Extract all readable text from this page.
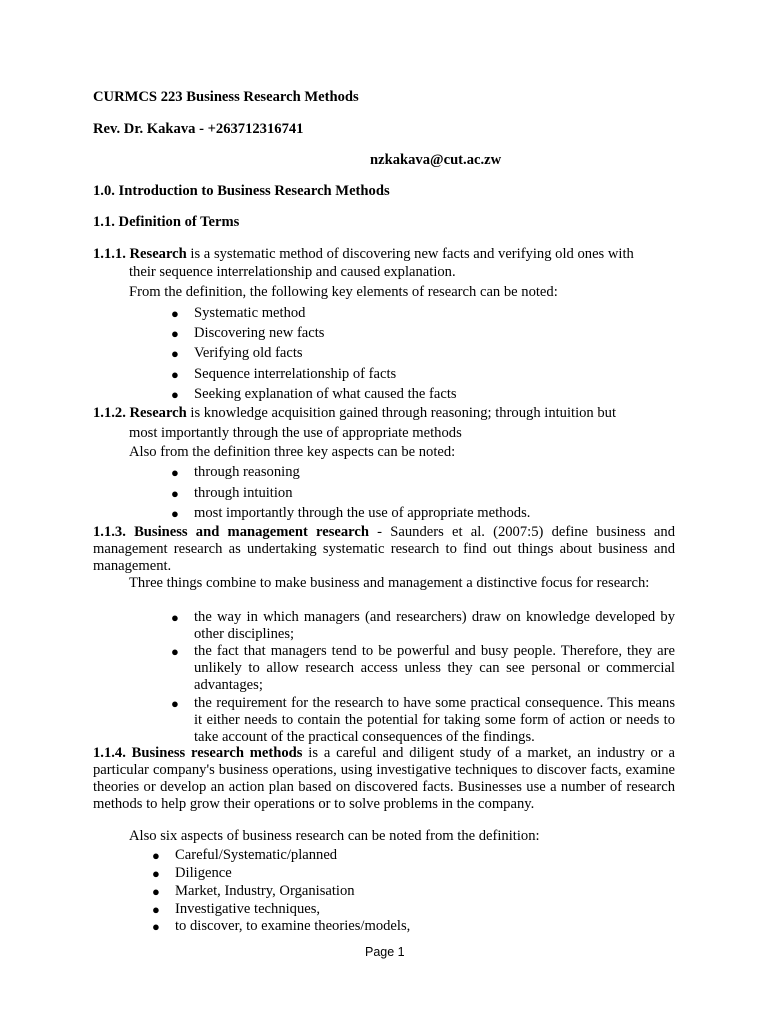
CURMCS 223 Business Research Methods
Rev. Dr. Kakava - +263712316741
nzkakava@cut.ac.zw
1.0. Introduction to Business Research Methods
1.1. Definition of Terms
1.1.1. Research is a systematic method of discovering new facts and verifying old ones with
their sequence interrelationship and caused explanation.
From the definition, the following key elements of research can be noted:
● Systematic method
● Discovering new facts
● Verifying old facts
● Sequence interrelationship of facts
● Seeking explanation of what caused the facts
1.1.2. Research is knowledge acquisition gained through reasoning; through intuition but
most importantly through the use of appropriate methods
Also from the definition three key aspects can be noted:
● through reasoning
● through intuition
● most importantly through the use of appropriate methods.
1.1.3. Business and management research - Saunders et al. (2007:5) define business and management research as undertaking systematic research to find out things about business and management.
Three things combine to make business and management a distinctive focus for research:
● the way in which managers (and researchers) draw on knowledge developed by other disciplines;
● the fact that managers tend to be powerful and busy people. Therefore, they are unlikely to allow research access unless they can see personal or commercial advantages;
● the requirement for the research to have some practical consequence. This means it either needs to contain the potential for taking some form of action or needs to take account of the practical consequences of the findings.
1.1.4. Business research methods is a careful and diligent study of a market, an industry or a particular company's business operations, using investigative techniques to discover facts, examine theories or develop an action plan based on discovered facts. Businesses use a number of research methods to help grow their operations or to solve problems in the company.
Also six aspects of business research can be noted from the definition:
● Careful/Systematic/planned
● Diligence
● Market, Industry, Organisation
● Investigative techniques,
● to discover, to examine theories/models,
Page 1
